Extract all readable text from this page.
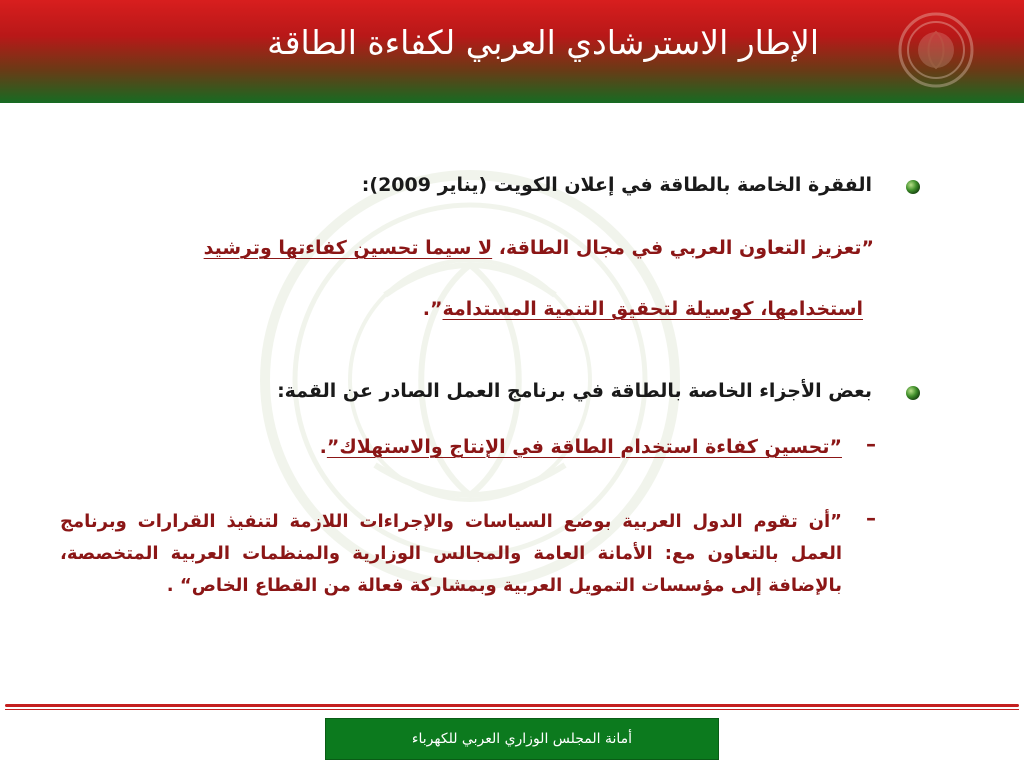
الإطار الاسترشادي العربي لكفاءة الطاقة
الفقرة الخاصة بالطاقة في إعلان الكويت (يناير 2009):
”تعزيز التعاون العربي في مجال الطاقة، لا سيما تحسين كفاءتها وترشيد
استخدامها، كوسيلة لتحقيق التنمية المستدامة”.
بعض الأجزاء الخاصة بالطاقة في برنامج العمل الصادر عن القمة:
–
”تحسين كفاءة استخدام الطاقة في الإنتاج والاستهلاك”.
–
”أن تقوم الدول العربية بوضع السياسات والإجراءات اللازمة لتنفيذ القرارات وبرنامج العمل بالتعاون مع: الأمانة العامة والمجالس الوزارية والمنظمات العربية المتخصصة، بالإضافة إلى مؤسسات التمويل العربية وبمشاركة فعالة من القطاع الخاص“ .
أمانة المجلس الوزاري العربي للكهرباء
